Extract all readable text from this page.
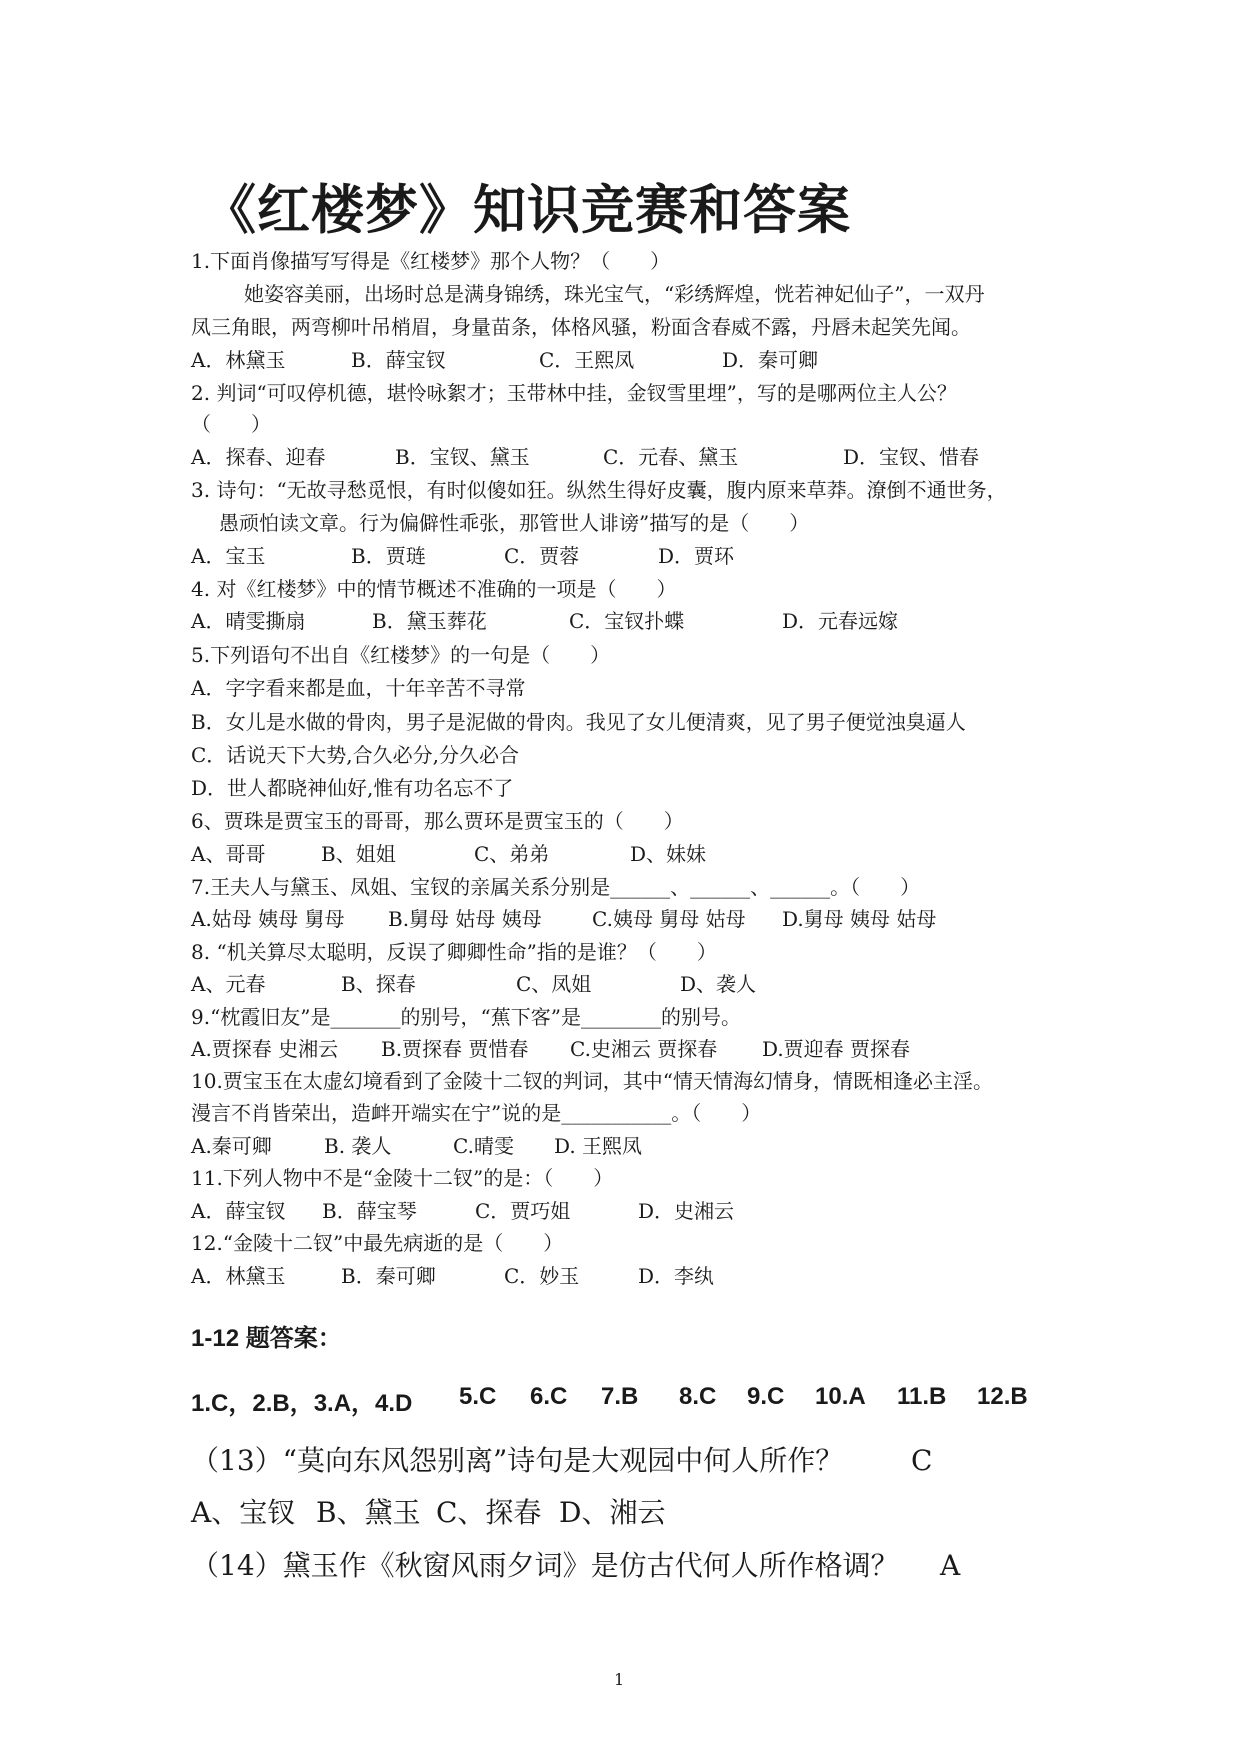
《红楼梦》知识竞赛和答案
1.下面肖像描写写得是《红楼梦》那个人物？（　　）
她姿容美丽，出场时总是满身锦绣，珠光宝气，“彩绣辉煌，恍若神妃仙子”，一双丹
凤三角眼，两弯柳叶吊梢眉，身量苗条，体格风骚，粉面含春威不露，丹唇未起笑先闻。
A．林黛玉	B．薛宝钗	C．王熙凤	D．秦可卿
2. 判词“可叹停机德，堪怜咏絮才；玉带林中挂，金钗雪里埋”，写的是哪两位主人公？
（　　）
A．探春、迎春	B．宝钗、黛玉	C．元春、黛玉	D．宝钗、惜春
3. 诗句：“无故寻愁觅恨，有时似傻如狂。纵然生得好皮囊，腹内原来草莽。潦倒不通世务，
愚顽怕读文章。行为偏僻性乖张，那管世人诽谤”描写的是（　　）
A．宝玉	B．贾琏	C．贾蓉	D．贾环
4. 对《红楼梦》中的情节概述不准确的一项是（　　）
A．晴雯撕扇	B．黛玉葬花	C．宝钗扑蝶	D．元春远嫁
5.下列语句不出自《红楼梦》的一句是（　　）
A．字字看来都是血，十年辛苦不寻常
B．女儿是水做的骨肉，男子是泥做的骨肉。我见了女儿便清爽，见了男子便觉浊臭逼人
C．话说天下大势,合久必分,分久必合
D．世人都晓神仙好,惟有功名忘不了
6、贾珠是贾宝玉的哥哥，那么贾环是贾宝玉的（　　）
A、哥哥	B、姐姐	C、弟弟	D、妹妹
7.王夫人与黛玉、凤姐、宝钗的亲属关系分别是______、______、______。（　　）
A.姑母 姨母 舅母 B.舅母 姑母 姨母	C.姨母 舅母 姑母 D.舅母 姨母 姑母
8. “机关算尽太聪明，反误了卿卿性命”指的是谁？（　　）
A、元春	B、探春	C、凤姐	D、袭人
9.“枕霞旧友”是_______的别号，“蕉下客”是________的别号。
A.贾探春 史湘云 B.贾探春 贾惜春 C.史湘云 贾探春 D.贾迎春 贾探春
10.贾宝玉在太虚幻境看到了金陵十二钗的判词，其中“情天情海幻情身，情既相逢必主淫。
漫言不肖皆荣出，造衅开端实在宁”说的是___________。（　　）
A.秦可卿	B. 袭人	C.晴雯 D. 王熙凤
11.下列人物中不是“金陵十二钗”的是：（　　）
A．薛宝钗 B．薛宝琴	C．贾巧姐	D．史湘云
12.“金陵十二钗”中最先病逝的是（　　）
A．林黛玉	B．秦可卿	C．妙玉	D．李纨
1-12 题答案：
1.C，2.B，3.A，4.D 5.C 6.C 7.B 8.C 9.C 10.A 11.B 12.B
（13）“莫向东风怨别离”诗句是大观园中何人所作？ C
A、宝钗 B、黛玉 C、探春 D、湘云
（14）黛玉作《秋窗风雨夕词》是仿古代何人所作格调？ A
1
